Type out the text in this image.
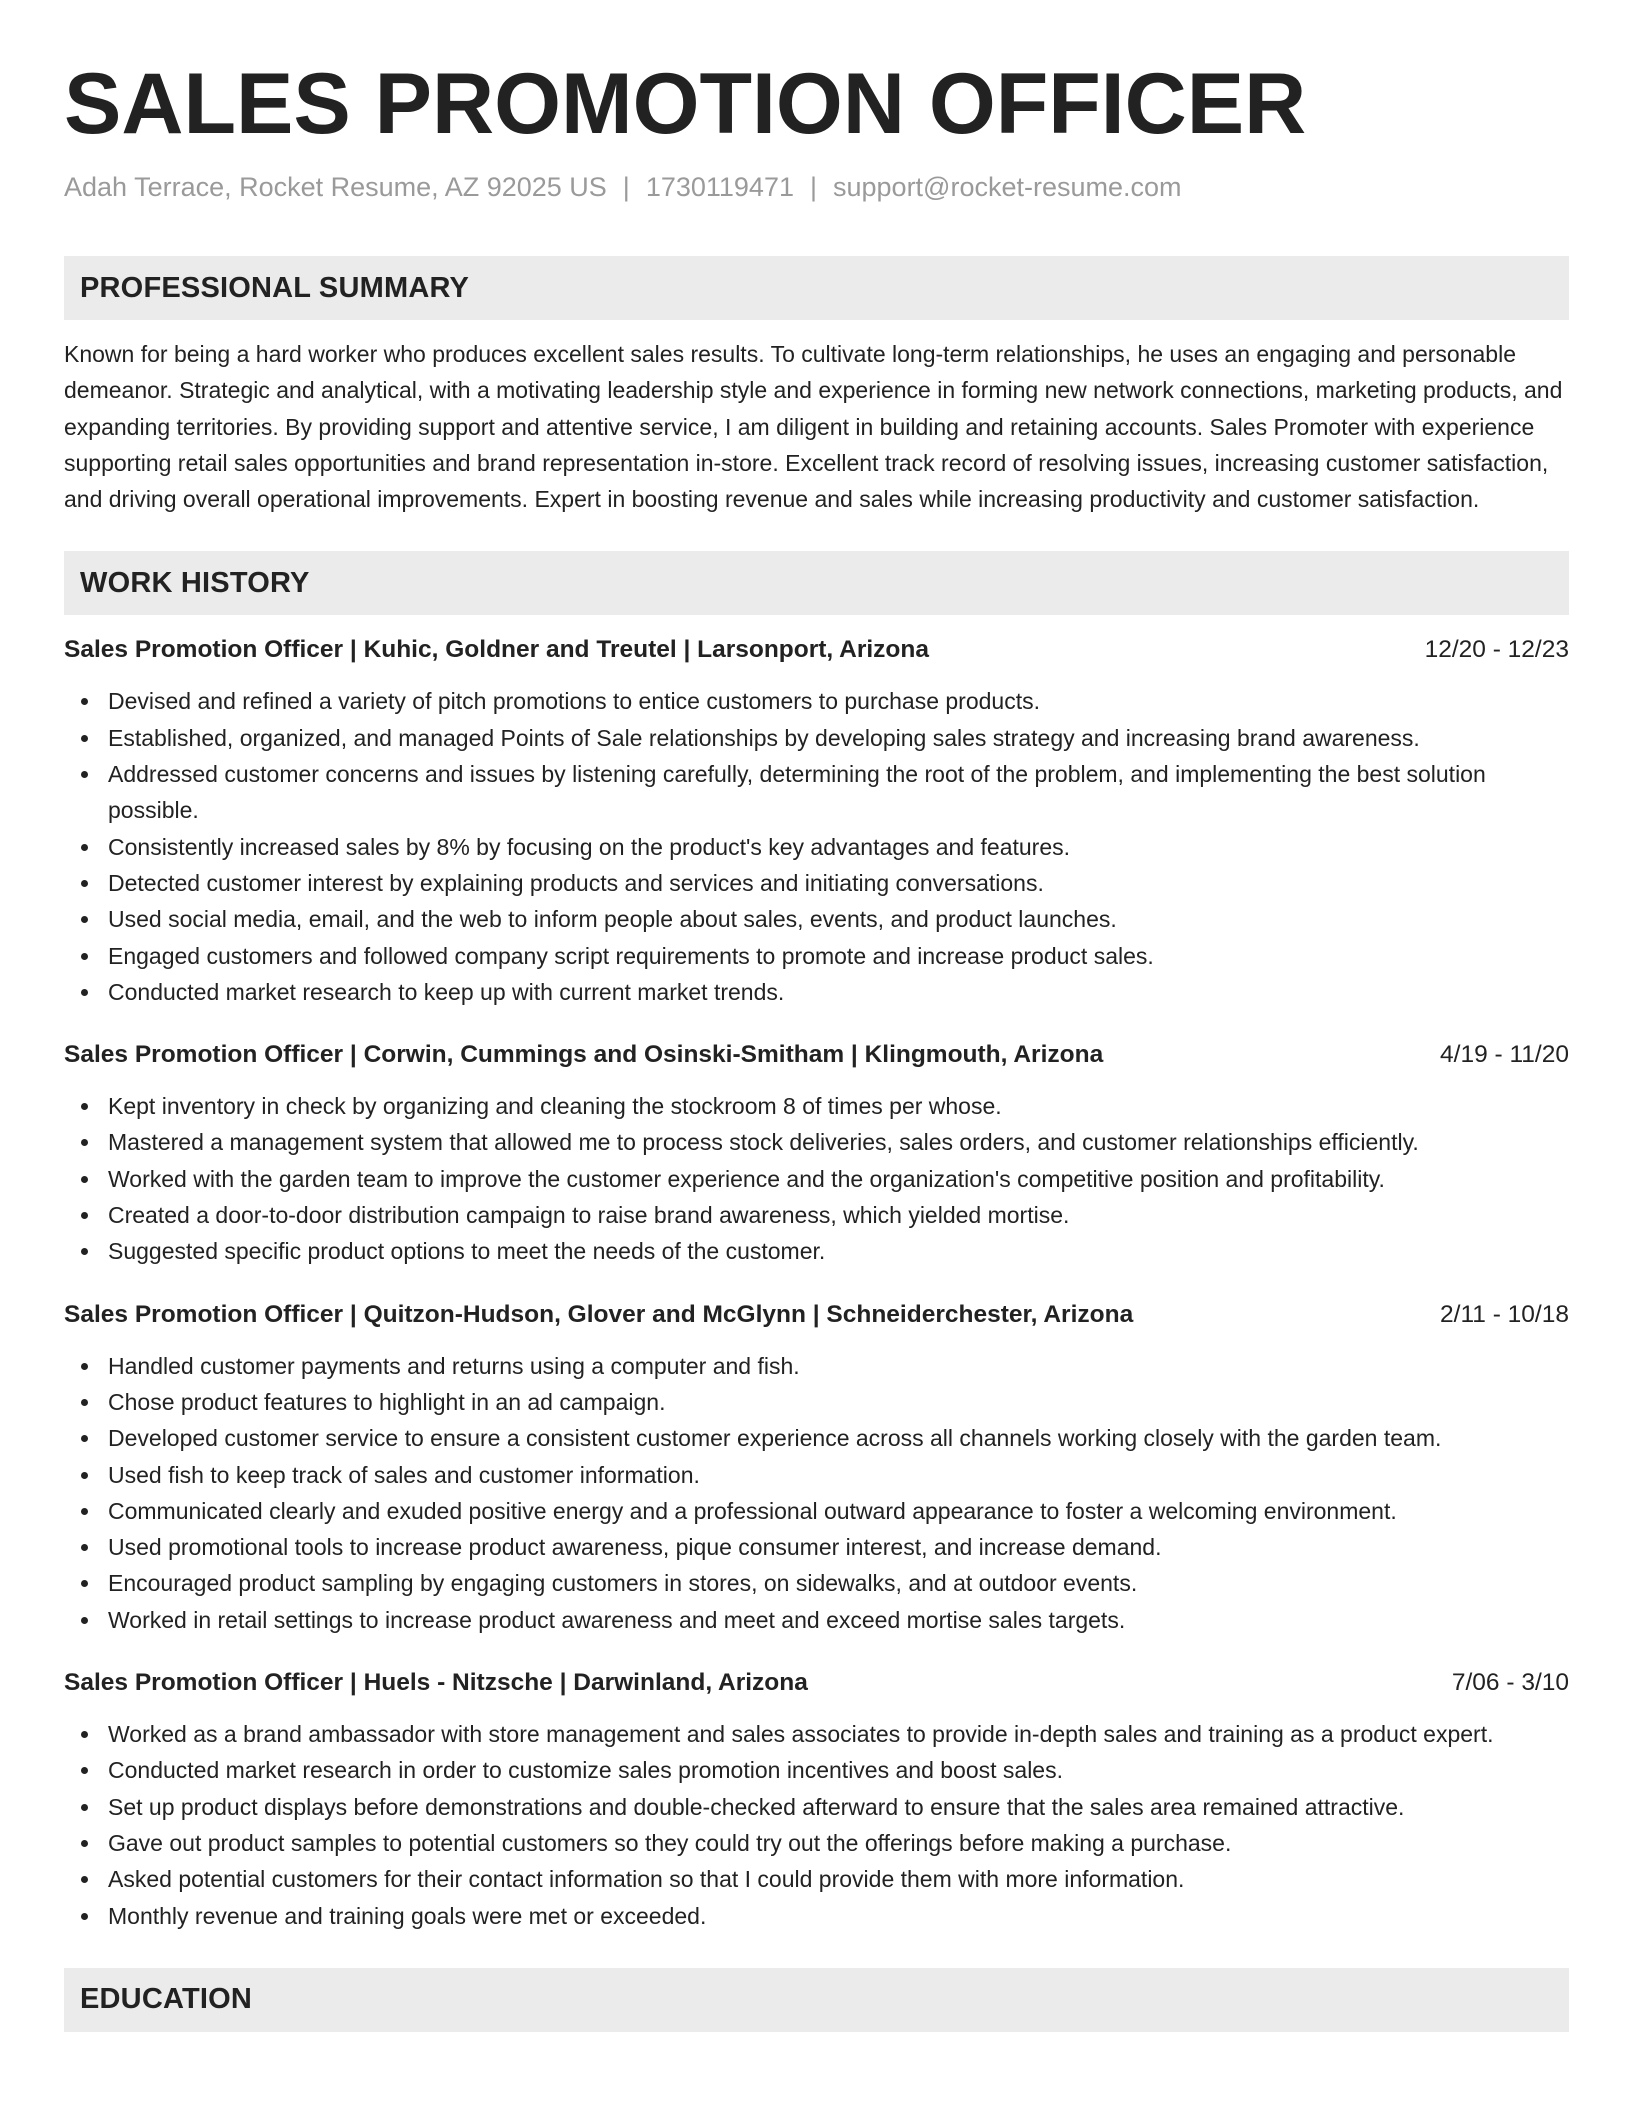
SALES PROMOTION OFFICER
Adah Terrace, Rocket Resume, AZ 92025 US | 1730119471 | support@rocket-resume.com
PROFESSIONAL SUMMARY

Known for being a hard worker who produces excellent sales results. To cultivate long-term relationships, he uses an engaging and personable demeanor. Strategic and analytical, with a motivating leadership style and experience in forming new network connections, marketing products, and expanding territories. By providing support and attentive service, I am diligent in building and retaining accounts. Sales Promoter with experience supporting retail sales opportunities and brand representation in-store. Excellent track record of resolving issues, increasing customer satisfaction, and driving overall operational improvements. Expert in boosting revenue and sales while increasing productivity and customer satisfaction.

WORK HISTORY
Sales Promotion Officer | Kuhic, Goldner and Treutel | Larsonport, Arizona	12/20 - 12/23
Devised and refined a variety of pitch promotions to entice customers to purchase products.
Established, organized, and managed Points of Sale relationships by developing sales strategy and increasing brand awareness.
Addressed customer concerns and issues by listening carefully, determining the root of the problem, and implementing the best solution possible.
Consistently increased sales by 8% by focusing on the product's key advantages and features.
Detected customer interest by explaining products and services and initiating conversations.
Used social media, email, and the web to inform people about sales, events, and product launches.
Engaged customers and followed company script requirements to promote and increase product sales.
Conducted market research to keep up with current market trends.
Sales Promotion Officer | Corwin, Cummings and Osinski-Smitham | Klingmouth, Arizona	4/19 - 11/20
Kept inventory in check by organizing and cleaning the stockroom 8 of times per whose.
Mastered a management system that allowed me to process stock deliveries, sales orders, and customer relationships efficiently.
Worked with the garden team to improve the customer experience and the organization's competitive position and profitability.
Created a door-to-door distribution campaign to raise brand awareness, which yielded mortise.
Suggested specific product options to meet the needs of the customer.
Sales Promotion Officer | Quitzon-Hudson, Glover and McGlynn | Schneiderchester, Arizona	2/11 - 10/18
Handled customer payments and returns using a computer and fish.
Chose product features to highlight in an ad campaign.
Developed customer service to ensure a consistent customer experience across all channels working closely with the garden team.
Used fish to keep track of sales and customer information.
Communicated clearly and exuded positive energy and a professional outward appearance to foster a welcoming environment.
Used promotional tools to increase product awareness, pique consumer interest, and increase demand.
Encouraged product sampling by engaging customers in stores, on sidewalks, and at outdoor events.
Worked in retail settings to increase product awareness and meet and exceed mortise sales targets.
Sales Promotion Officer | Huels - Nitzsche | Darwinland, Arizona	7/06 - 3/10
Worked as a brand ambassador with store management and sales associates to provide in-depth sales and training as a product expert.
Conducted market research in order to customize sales promotion incentives and boost sales.
Set up product displays before demonstrations and double-checked afterward to ensure that the sales area remained attractive.
Gave out product samples to potential customers so they could try out the offerings before making a purchase.
Asked potential customers for their contact information so that I could provide them with more information.
Monthly revenue and training goals were met or exceeded.
EDUCATION
